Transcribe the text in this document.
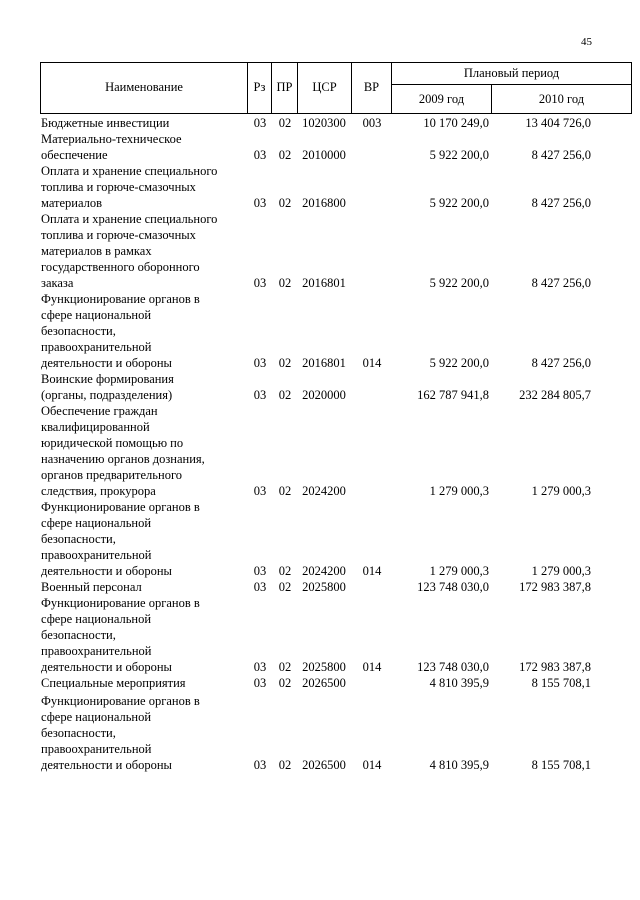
45
Наименование	Рз ПР	ЦСР	ВР
Плановый период
2009 год	2010 год
Бюджетные инвестиции	03	02 1020300	003	10 170 249,0	13 404 726,0
Материально-техническое
обеспечение	03	02 2010000	5 922 200,0	8 427 256,0
Оплата и хранение специального
топлива и горюче-смазочных
материалов	03	02 2016800	5 922 200,0	8 427 256,0
Оплата и хранение специального
топлива и горюче-смазочных
материалов в рамках
государственного оборонного
заказа	03	02 2016801	5 922 200,0	8 427 256,0
Функционирование органов в
сфере национальной
безопасности,
правоохранительной
деятельности и обороны	03	02 2016801	014	5 922 200,0	8 427 256,0
Воинские формирования
(органы, подразделения)	03	02 2020000	162 787 941,8	232 284 805,7
Обеспечение граждан
квалифицированной
юридической помощью по
назначению органов дознания,
органов предварительного
следствия, прокурора	03	02 2024200	1 279 000,3	1 279 000,3
Функционирование органов в
сфере национальной
безопасности,
правоохранительной
деятельности и обороны	03	02 2024200	014	1 279 000,3	1 279 000,3
Военный персонал	03	02 2025800	123 748 030,0	172 983 387,8
Функционирование органов в
сфере национальной
безопасности,
правоохранительной
деятельности и обороны	03	02 2025800	014	123 748 030,0	172 983 387,8
Специальные мероприятия	03	02 2026500	4 810 395,9	8 155 708,1
Функционирование органов в
сфере национальной
безопасности,
правоохранительной
деятельности и обороны	03	02 2026500	014	4 810 395,9	8 155 708,1
